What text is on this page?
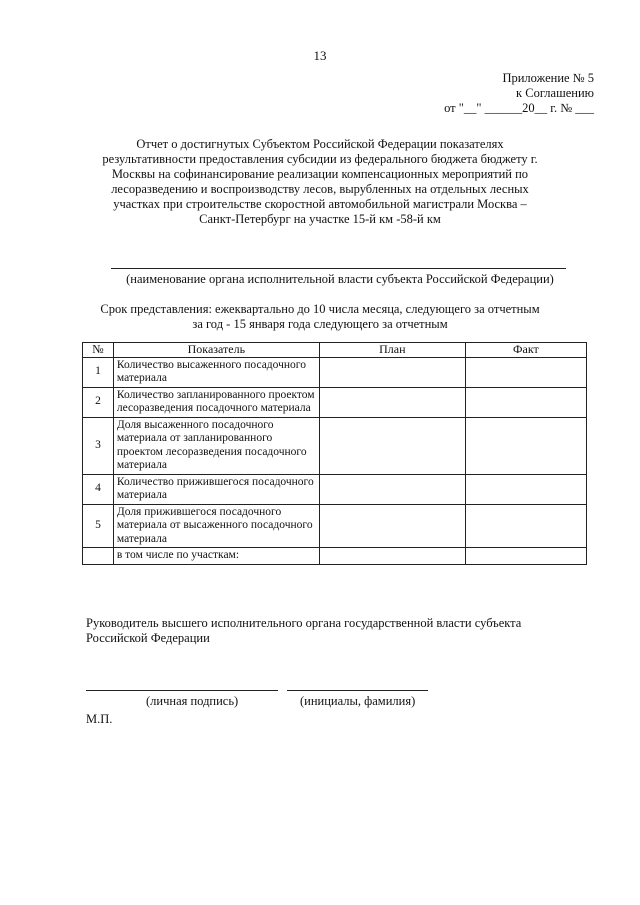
13
Приложение № 5
к Соглашению
от "__" ______20__ г. № ___
Отчет о достигнутых Субъектом Российской Федерации показателях результативности предоставления субсидии из федерального бюджета бюджету г. Москвы на софинансирование реализации компенсационных мероприятий по лесоразведению и воспроизводству лесов, вырубленных на отдельных лесных участках при строительстве скоростной автомобильной магистрали Москва – Санкт-Петербург на участке 15-й км -58-й км
(наименование органа исполнительной власти субъекта Российской Федерации)
Срок представления: ежеквартально до 10 числа месяца, следующего за отчетным
за год - 15 января года следующего за отчетным
№	Показатель	План	Факт
1	Количество высаженного посадочного материала		
2	Количество запланированного проектом лесоразведения посадочного материала		
3	Доля высаженного посадочного материала от запланированного проектом лесоразведения посадочного материала		
4	Количество прижившегося посадочного материала		
5	Доля прижившегося посадочного материала от высаженного посадочного материала		
	в том числе по участкам:		
Руководитель высшего исполнительного органа государственной власти субъекта Российской Федерации
(личная подпись)	(инициалы, фамилия)
М.П.
